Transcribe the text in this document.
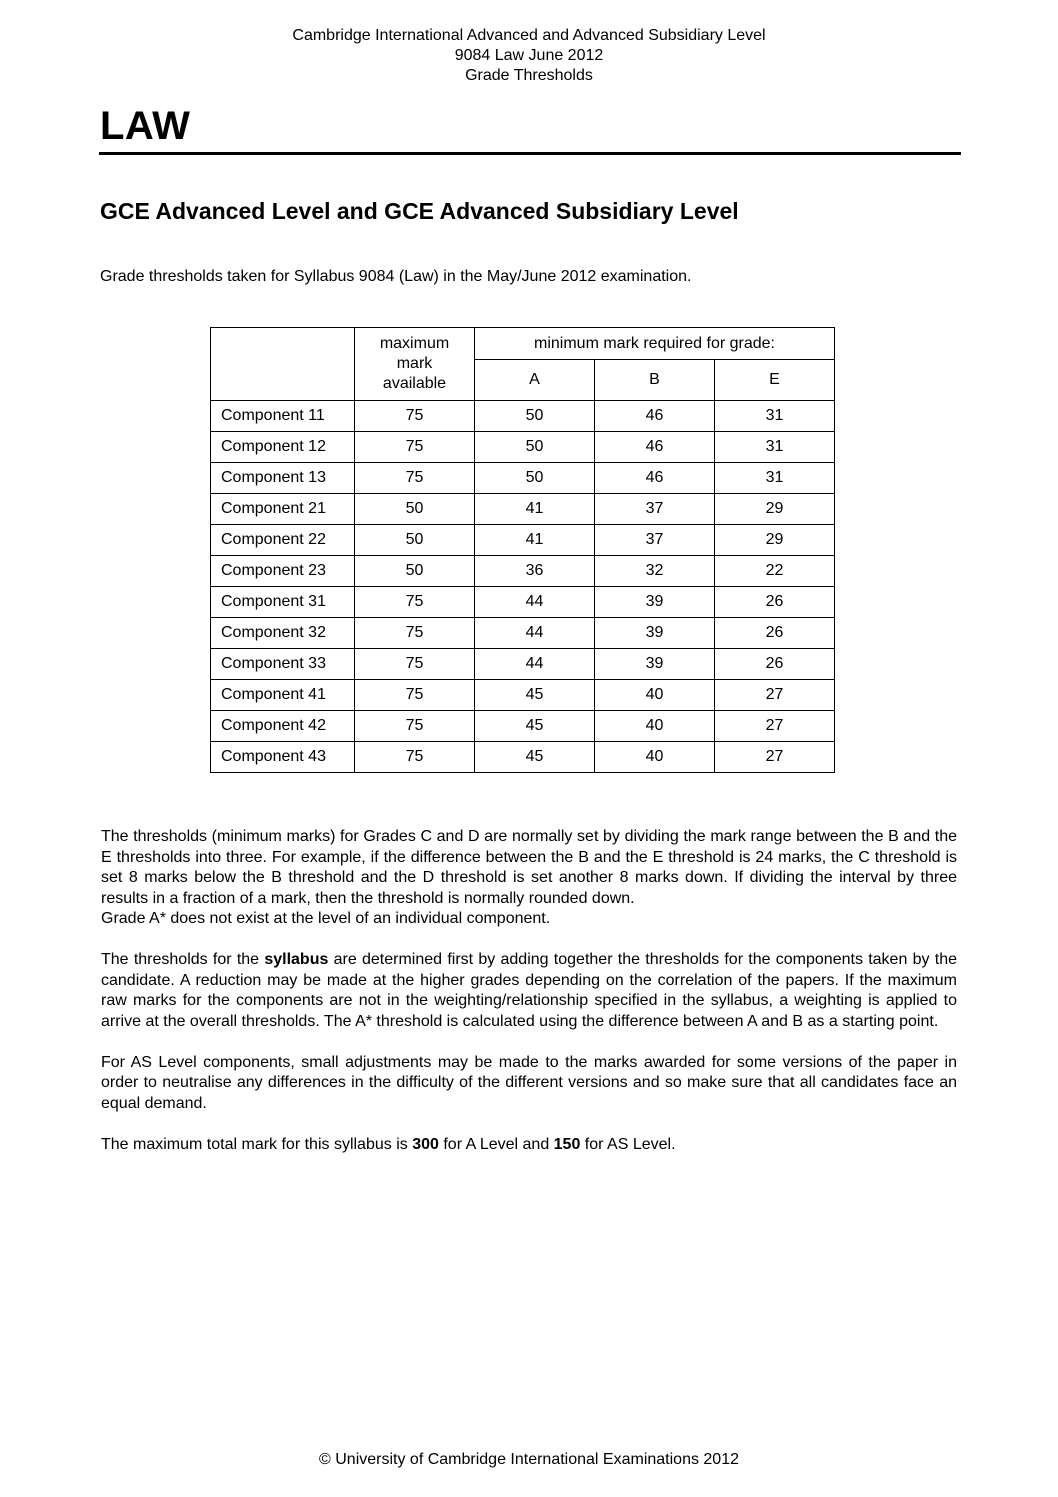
Cambridge International Advanced and Advanced Subsidiary Level
9084 Law June 2012
Grade Thresholds
LAW
GCE Advanced Level and GCE Advanced Subsidiary Level
Grade thresholds taken for Syllabus 9084 (Law) in the May/June 2012 examination.

	maximum
mark
available	minimum mark required for grade:		
		A	B	E
Component 11	75	50	46	31
Component 12	75	50	46	31
Component 13	75	50	46	31
Component 21	50	41	37	29
Component 22	50	41	37	29
Component 23	50	36	32	22
Component 31	75	44	39	26
Component 32	75	44	39	26
Component 33	75	44	39	26
Component 41	75	45	40	27
Component 42	75	45	40	27
Component 43	75	45	40	27

The thresholds (minimum marks) for Grades C and D are normally set by dividing the mark range between the B and the E thresholds into three. For example, if the difference between the B and the E threshold is 24 marks, the C threshold is set 8 marks below the B threshold and the D threshold is set another 8 marks down. If dividing the interval by three results in a fraction of a mark, then the threshold is normally rounded down.

Grade A* does not exist at the level of an individual component.

The thresholds for the syllabus are determined first by adding together the thresholds for the components taken by the candidate. A reduction may be made at the higher grades depending on the correlation of the papers. If the maximum raw marks for the components are not in the weighting/relationship specified in the syllabus, a weighting is applied to arrive at the overall thresholds. The A* threshold is calculated using the difference between A and B as a starting point.

For AS Level components, small adjustments may be made to the marks awarded for some versions of the paper in order to neutralise any differences in the difficulty of the different versions and so make sure that all candidates face an equal demand.

The maximum total mark for this syllabus is 300 for A Level and 150 for AS Level.

© University of Cambridge International Examinations 2012
